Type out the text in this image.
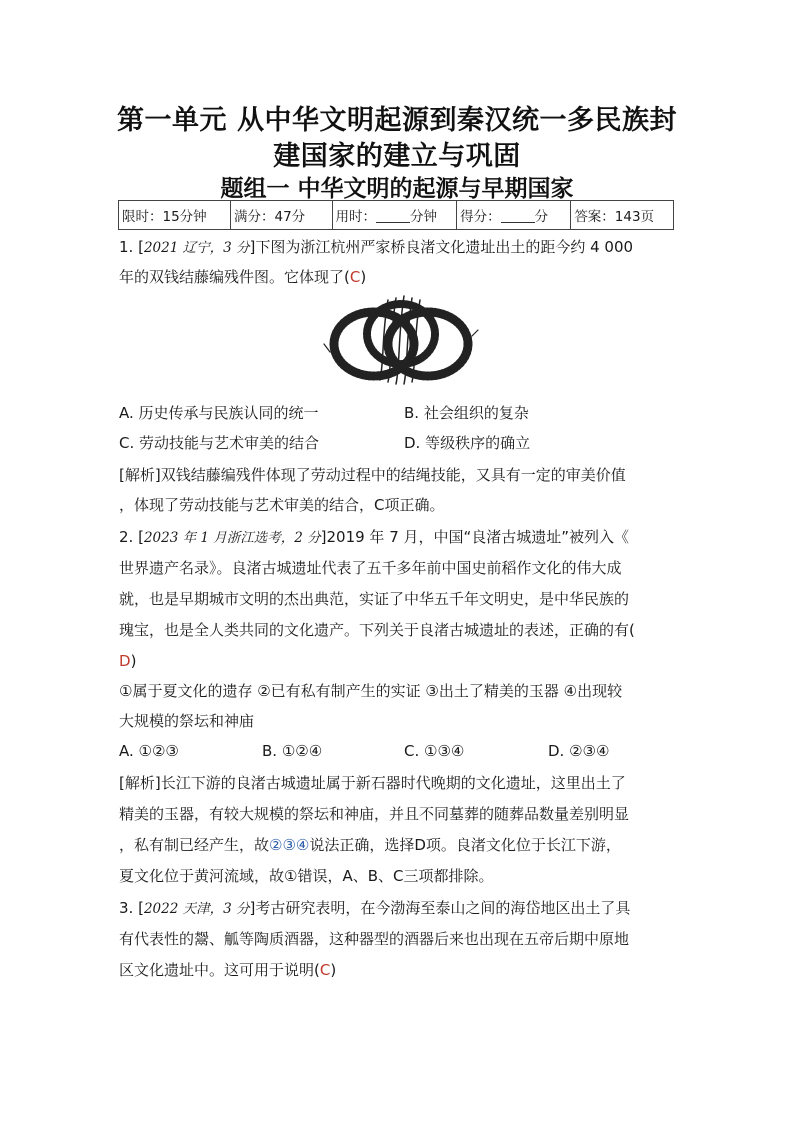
第一单元 从中华文明起源到秦汉统一多民族封
建国家的建立与巩固
题组一 中华文明的起源与早期国家
限时：15分钟	满分：47分	用时：	分钟	得分：	分	答案：143页
1. [2021 辽宁，3 分]下图为浙江杭州严家桥良渚文化遗址出土的距今约 4 000
年的双钱结藤编残件图。它体现了(C)
A. 历史传承与民族认同的统一	B. 社会组织的复杂
C. 劳动技能与艺术审美的结合	D. 等级秩序的确立
[解析]双钱结藤编残件体现了劳动过程中的结绳技能，又具有一定的审美价值
，体现了劳动技能与艺术审美的结合，C项正确。
2. [2023 年 1 月浙江选考，2 分]2019 年 7 月，中国“良渚古城遗址”被列入《
世界遗产名录》。良渚古城遗址代表了五千多年前中国史前稻作文化的伟大成
就，也是早期城市文明的杰出典范，实证了中华五千年文明史，是中华民族的
瑰宝，也是全人类共同的文化遗产。下列关于良渚古城遗址的表述，正确的有(
D)
①属于夏文化的遗存 ②已有私有制产生的实证 ③出土了精美的玉器 ④出现较
大规模的祭坛和神庙
A. ①②③	B. ①②④	C. ①③④	D. ②③④
[解析]长江下游的良渚古城遗址属于新石器时代晚期的文化遗址，这里出土了
精美的玉器，有较大规模的祭坛和神庙，并且不同墓葬的随葬品数量差别明显
，私有制已经产生，故②③④说法正确，选择D项。良渚文化位于长江下游，
夏文化位于黄河流域，故①错误，A、B、C三项都排除。
3. [2022 天津，3 分]考古研究表明，在今渤海至泰山之间的海岱地区出土了具
有代表性的鬶、觚等陶质酒器，这种器型的酒器后来也出现在五帝后期中原地
区文化遗址中。这可用于说明(C)
